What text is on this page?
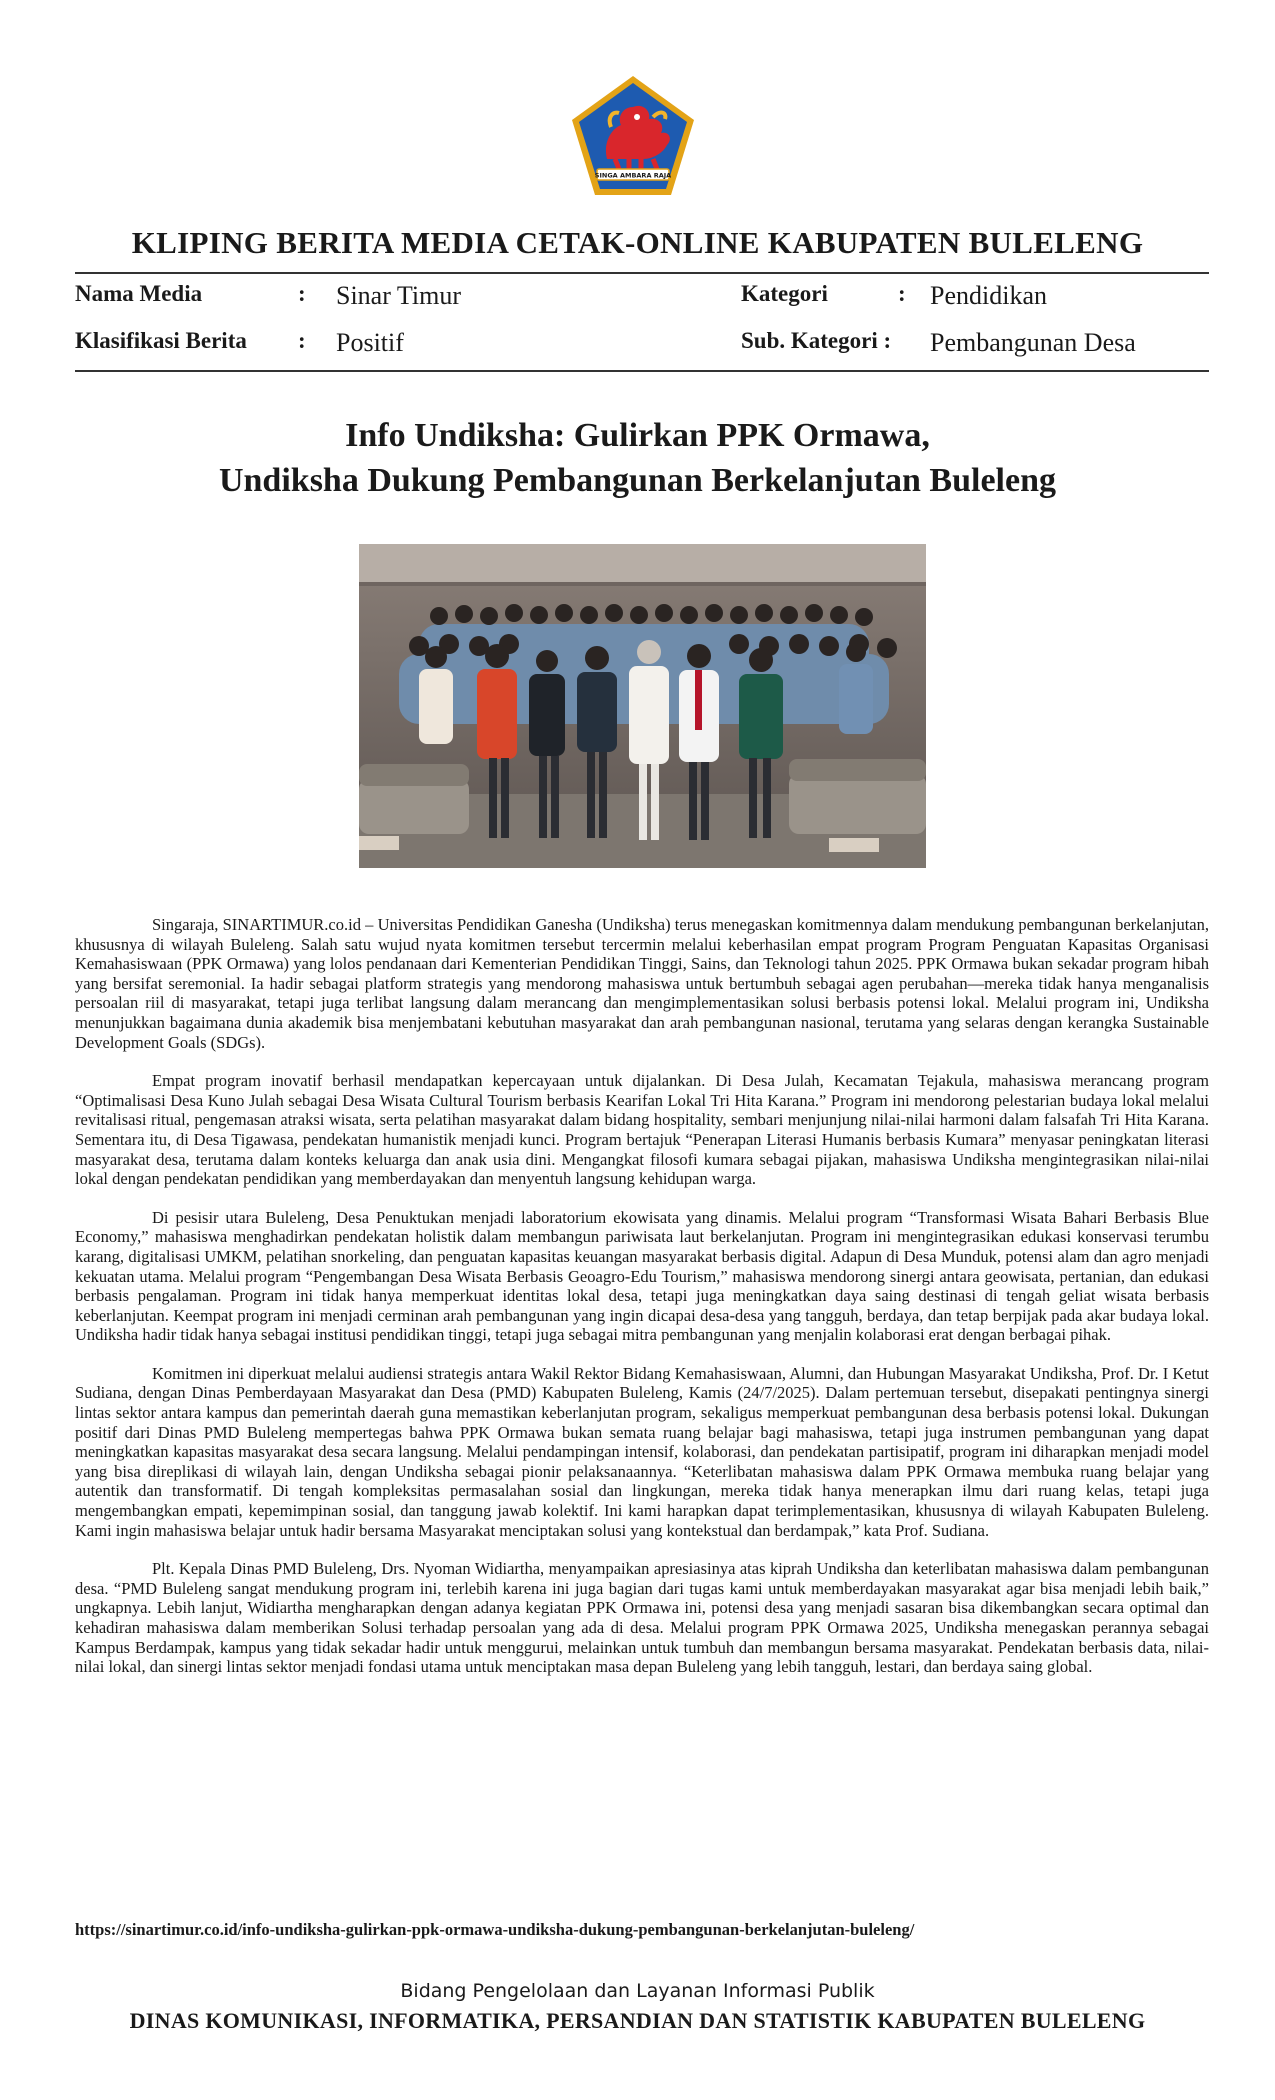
SINGA AMBARA RAJA
KLIPING BERITA MEDIA CETAK-ONLINE KABUPATEN BULELENG
Nama Media	: Sinar Timur	Kategori	: Pendidikan
Klasifikasi Berita : Positif	Sub. Kategori : Pembangunan Desa
Info Undiksha: Gulirkan PPK Ormawa,
Undiksha Dukung Pembangunan Berkelanjutan Buleleng

Singaraja, SINARTIMUR.co.id – Universitas Pendidikan Ganesha (Undiksha) terus menegaskan komitmennya dalam mendukung pembangunan berkelanjutan, khususnya di wilayah Buleleng. Salah satu wujud nyata komitmen tersebut tercermin melalui keberhasilan empat program Program Penguatan Kapasitas Organisasi Kemahasiswaan (PPK Ormawa) yang lolos pendanaan dari Kementerian Pendidikan Tinggi, Sains, dan Teknologi tahun 2025. PPK Ormawa bukan sekadar program hibah yang bersifat seremonial. Ia hadir sebagai platform strategis yang mendorong mahasiswa untuk bertumbuh sebagai agen perubahan—mereka tidak hanya menganalisis persoalan riil di masyarakat, tetapi juga terlibat langsung dalam merancang dan mengimplementasikan solusi berbasis potensi lokal. Melalui program ini, Undiksha menunjukkan bagaimana dunia akademik bisa menjembatani kebutuhan masyarakat dan arah pembangunan nasional, terutama yang selaras dengan kerangka Sustainable Development Goals (SDGs).

Empat program inovatif berhasil mendapatkan kepercayaan untuk dijalankan. Di Desa Julah, Kecamatan Tejakula, mahasiswa merancang program “Optimalisasi Desa Kuno Julah sebagai Desa Wisata Cultural Tourism berbasis Kearifan Lokal Tri Hita Karana.” Program ini mendorong pelestarian budaya lokal melalui revitalisasi ritual, pengemasan atraksi wisata, serta pelatihan masyarakat dalam bidang hospitality, sembari menjunjung nilai-nilai harmoni dalam falsafah Tri Hita Karana. Sementara itu, di Desa Tigawasa, pendekatan humanistik menjadi kunci. Program bertajuk “Penerapan Literasi Humanis berbasis Kumara” menyasar peningkatan literasi masyarakat desa, terutama dalam konteks keluarga dan anak usia dini. Mengangkat filosofi kumara sebagai pijakan, mahasiswa Undiksha mengintegrasikan nilai-nilai lokal dengan pendekatan pendidikan yang memberdayakan dan menyentuh langsung kehidupan warga.

Di pesisir utara Buleleng, Desa Penuktukan menjadi laboratorium ekowisata yang dinamis. Melalui program “Transformasi Wisata Bahari Berbasis Blue Economy,” mahasiswa menghadirkan pendekatan holistik dalam membangun pariwisata laut berkelanjutan. Program ini mengintegrasikan edukasi konservasi terumbu karang, digitalisasi UMKM, pelatihan snorkeling, dan penguatan kapasitas keuangan masyarakat berbasis digital. Adapun di Desa Munduk, potensi alam dan agro menjadi kekuatan utama. Melalui program “Pengembangan Desa Wisata Berbasis Geoagro-Edu Tourism,” mahasiswa mendorong sinergi antara geowisata, pertanian, dan edukasi berbasis pengalaman. Program ini tidak hanya memperkuat identitas lokal desa, tetapi juga meningkatkan daya saing destinasi di tengah geliat wisata berbasis keberlanjutan. Keempat program ini menjadi cerminan arah pembangunan yang ingin dicapai desa-desa yang tangguh, berdaya, dan tetap berpijak pada akar budaya lokal. Undiksha hadir tidak hanya sebagai institusi pendidikan tinggi, tetapi juga sebagai mitra pembangunan yang menjalin kolaborasi erat dengan berbagai pihak.

Komitmen ini diperkuat melalui audiensi strategis antara Wakil Rektor Bidang Kemahasiswaan, Alumni, dan Hubungan Masyarakat Undiksha, Prof. Dr. I Ketut Sudiana, dengan Dinas Pemberdayaan Masyarakat dan Desa (PMD) Kabupaten Buleleng, Kamis (24/7/2025). Dalam pertemuan tersebut, disepakati pentingnya sinergi lintas sektor antara kampus dan pemerintah daerah guna memastikan keberlanjutan program, sekaligus memperkuat pembangunan desa berbasis potensi lokal. Dukungan positif dari Dinas PMD Buleleng mempertegas bahwa PPK Ormawa bukan semata ruang belajar bagi mahasiswa, tetapi juga instrumen pembangunan yang dapat meningkatkan kapasitas masyarakat desa secara langsung. Melalui pendampingan intensif, kolaborasi, dan pendekatan partisipatif, program ini diharapkan menjadi model yang bisa direplikasi di wilayah lain, dengan Undiksha sebagai pionir pelaksanaannya. “Keterlibatan mahasiswa dalam PPK Ormawa membuka ruang belajar yang autentik dan transformatif. Di tengah kompleksitas permasalahan sosial dan lingkungan, mereka tidak hanya menerapkan ilmu dari ruang kelas, tetapi juga mengembangkan empati, kepemimpinan sosial, dan tanggung jawab kolektif. Ini kami harapkan dapat terimplementasikan, khususnya di wilayah Kabupaten Buleleng. Kami ingin mahasiswa belajar untuk hadir bersama Masyarakat menciptakan solusi yang kontekstual dan berdampak,” kata Prof. Sudiana.

Plt. Kepala Dinas PMD Buleleng, Drs. Nyoman Widiartha, menyampaikan apresiasinya atas kiprah Undiksha dan keterlibatan mahasiswa dalam pembangunan desa. “PMD Buleleng sangat mendukung program ini, terlebih karena ini juga bagian dari tugas kami untuk memberdayakan masyarakat agar bisa menjadi lebih baik,” ungkapnya. Lebih lanjut, Widiartha mengharapkan dengan adanya kegiatan PPK Ormawa ini, potensi desa yang menjadi sasaran bisa dikembangkan secara optimal dan kehadiran mahasiswa dalam memberikan Solusi terhadap persoalan yang ada di desa. Melalui program PPK Ormawa 2025, Undiksha menegaskan perannya sebagai Kampus Berdampak, kampus yang tidak sekadar hadir untuk menggurui, melainkan untuk tumbuh dan membangun bersama masyarakat. Pendekatan berbasis data, nilai-nilai lokal, dan sinergi lintas sektor menjadi fondasi utama untuk menciptakan masa depan Buleleng yang lebih tangguh, lestari, dan berdaya saing global.

https://sinartimur.co.id/info-undiksha-gulirkan-ppk-ormawa-undiksha-dukung-pembangunan-berkelanjutan-buleleng/
Bidang Pengelolaan dan Layanan Informasi Publik
DINAS KOMUNIKASI, INFORMATIKA, PERSANDIAN DAN STATISTIK KABUPATEN BULELENG
